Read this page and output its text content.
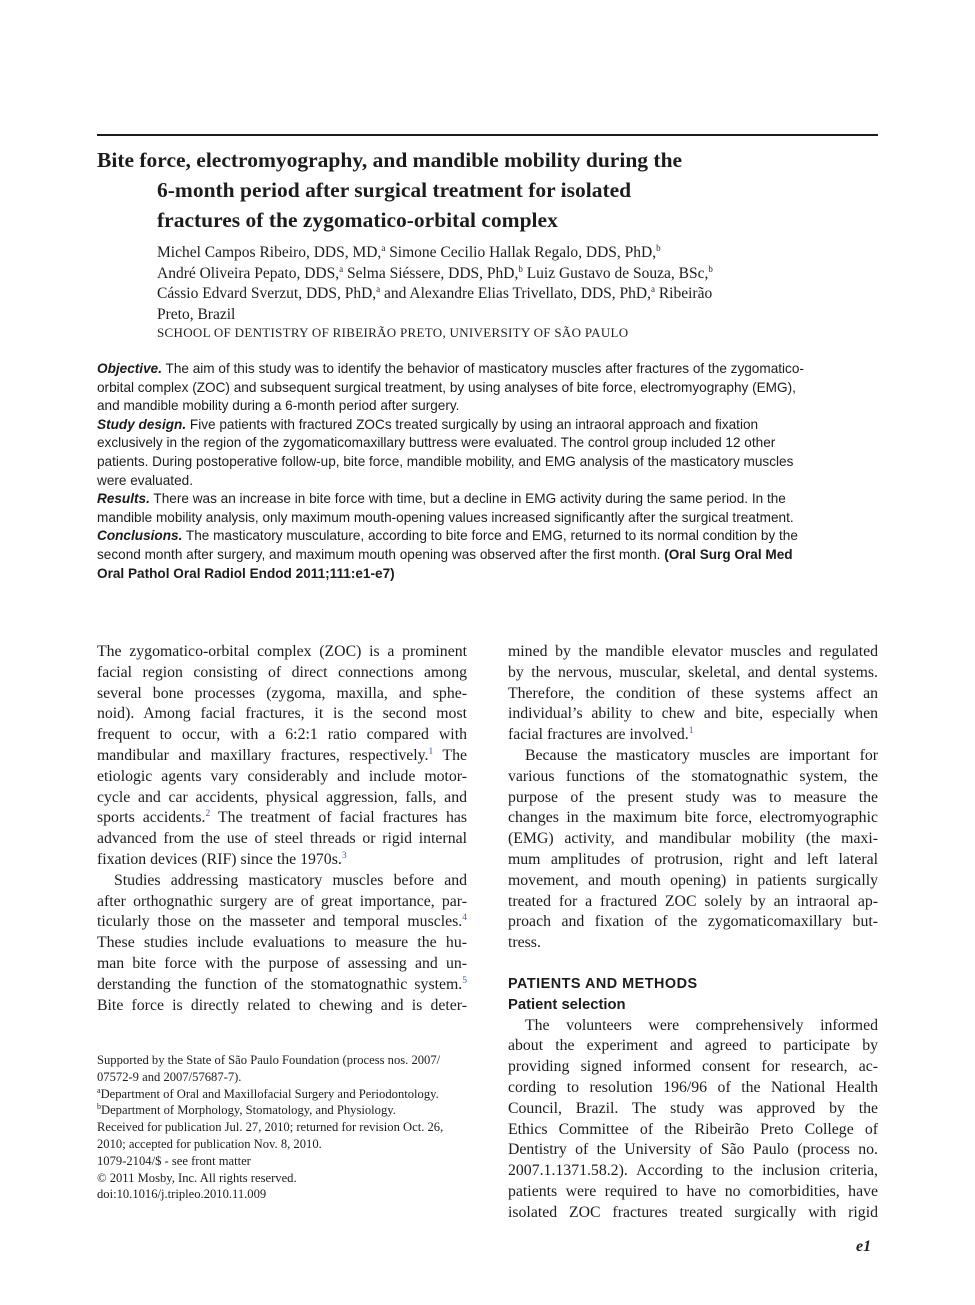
Bite force, electromyography, and mandible mobility during the
6-month period after surgical treatment for isolated
fractures of the zygomatico-orbital complex
Michel Campos Ribeiro, DDS, MD,$^a$ Simone Cecilio Hallak Regalo, DDS, PhD,$^b$
André Oliveira Pepato, DDS,$^a$ Selma Siéssere, DDS, PhD,$^b$ Luiz Gustavo de Souza, BSc,$^b$
Cássio Edvard Sverzut, DDS, PhD,$^a$ and Alexandre Elias Trivellato, DDS, PhD,$^a$ Ribeirão
Preto, Brazil
SCHOOL OF DENTISTRY OF RIBEIRÃO PRETO, UNIVERSITY OF SÃO PAULO
Objective. The aim of this study was to identify the behavior of masticatory muscles after fractures of the zygomatico-
orbital complex (ZOC) and subsequent surgical treatment, by using analyses of bite force, electromyography (EMG),
and mandible mobility during a 6-month period after surgery.
Study design. Five patients with fractured ZOCs treated surgically by using an intraoral approach and fixation
exclusively in the region of the zygomaticomaxillary buttress were evaluated. The control group included 12 other
patients. During postoperative follow-up, bite force, mandible mobility, and EMG analysis of the masticatory muscles
were evaluated.
Results. There was an increase in bite force with time, but a decline in EMG activity during the same period. In the
mandible mobility analysis, only maximum mouth-opening values increased significantly after the surgical treatment.
Conclusions. The masticatory musculature, according to bite force and EMG, returned to its normal condition by the
second month after surgery, and maximum mouth opening was observed after the first month. (Oral Surg Oral Med
Oral Pathol Oral Radiol Endod 2011;111:e1-e7)
The zygomatico-orbital complex (ZOC) is a prominent
facial region consisting of direct connections among
several bone processes (zygoma, maxilla, and sphe-
noid). Among facial fractures, it is the second most
frequent to occur, with a 6:2:1 ratio compared with
mandibular and maxillary fractures, respectively.$^1$ The
etiologic agents vary considerably and include motor-
cycle and car accidents, physical aggression, falls, and
sports accidents.$^2$ The treatment of facial fractures has
advanced from the use of steel threads or rigid internal
fixation devices (RIF) since the 1970s.$^3$
Studies addressing masticatory muscles before and
after orthognathic surgery are of great importance, par-
ticularly those on the masseter and temporal muscles.$^4$
These studies include evaluations to measure the hu-
man bite force with the purpose of assessing and un-
derstanding the function of the stomatognathic system.$^5$
Bite force is directly related to chewing and is deter-
mined by the mandible elevator muscles and regulated
by the nervous, muscular, skeletal, and dental systems.
Therefore, the condition of these systems affect an
individual’s ability to chew and bite, especially when
facial fractures are involved.$^1$
Because the masticatory muscles are important for
various functions of the stomatognathic system, the
purpose of the present study was to measure the
changes in the maximum bite force, electromyographic
(EMG) activity, and mandibular mobility (the maxi-
mum amplitudes of protrusion, right and left lateral
movement, and mouth opening) in patients surgically
treated for a fractured ZOC solely by an intraoral ap-
proach and fixation of the zygomaticomaxillary but-
tress.
PATIENTS AND METHODS
Patient selection
The volunteers were comprehensively informed
about the experiment and agreed to participate by
providing signed informed consent for research, ac-
cording to resolution 196/96 of the National Health
Council, Brazil. The study was approved by the
Ethics Committee of the Ribeirão Preto College of
Dentistry of the University of São Paulo (process no.
2007.1.1371.58.2). According to the inclusion criteria,
patients were required to have no comorbidities, have
isolated ZOC fractures treated surgically with rigid
Supported by the State of São Paulo Foundation (process nos. 2007/
07572-9 and 2007/57687-7).
$^a$Department of Oral and Maxillofacial Surgery and Periodontology.
$^b$Department of Morphology, Stomatology, and Physiology.
Received for publication Jul. 27, 2010; returned for revision Oct. 26,
2010; accepted for publication Nov. 8, 2010.
1079-2104/$ - see front matter
© 2011 Mosby, Inc. All rights reserved.
doi:10.1016/j.tripleo.2010.11.009
e1
